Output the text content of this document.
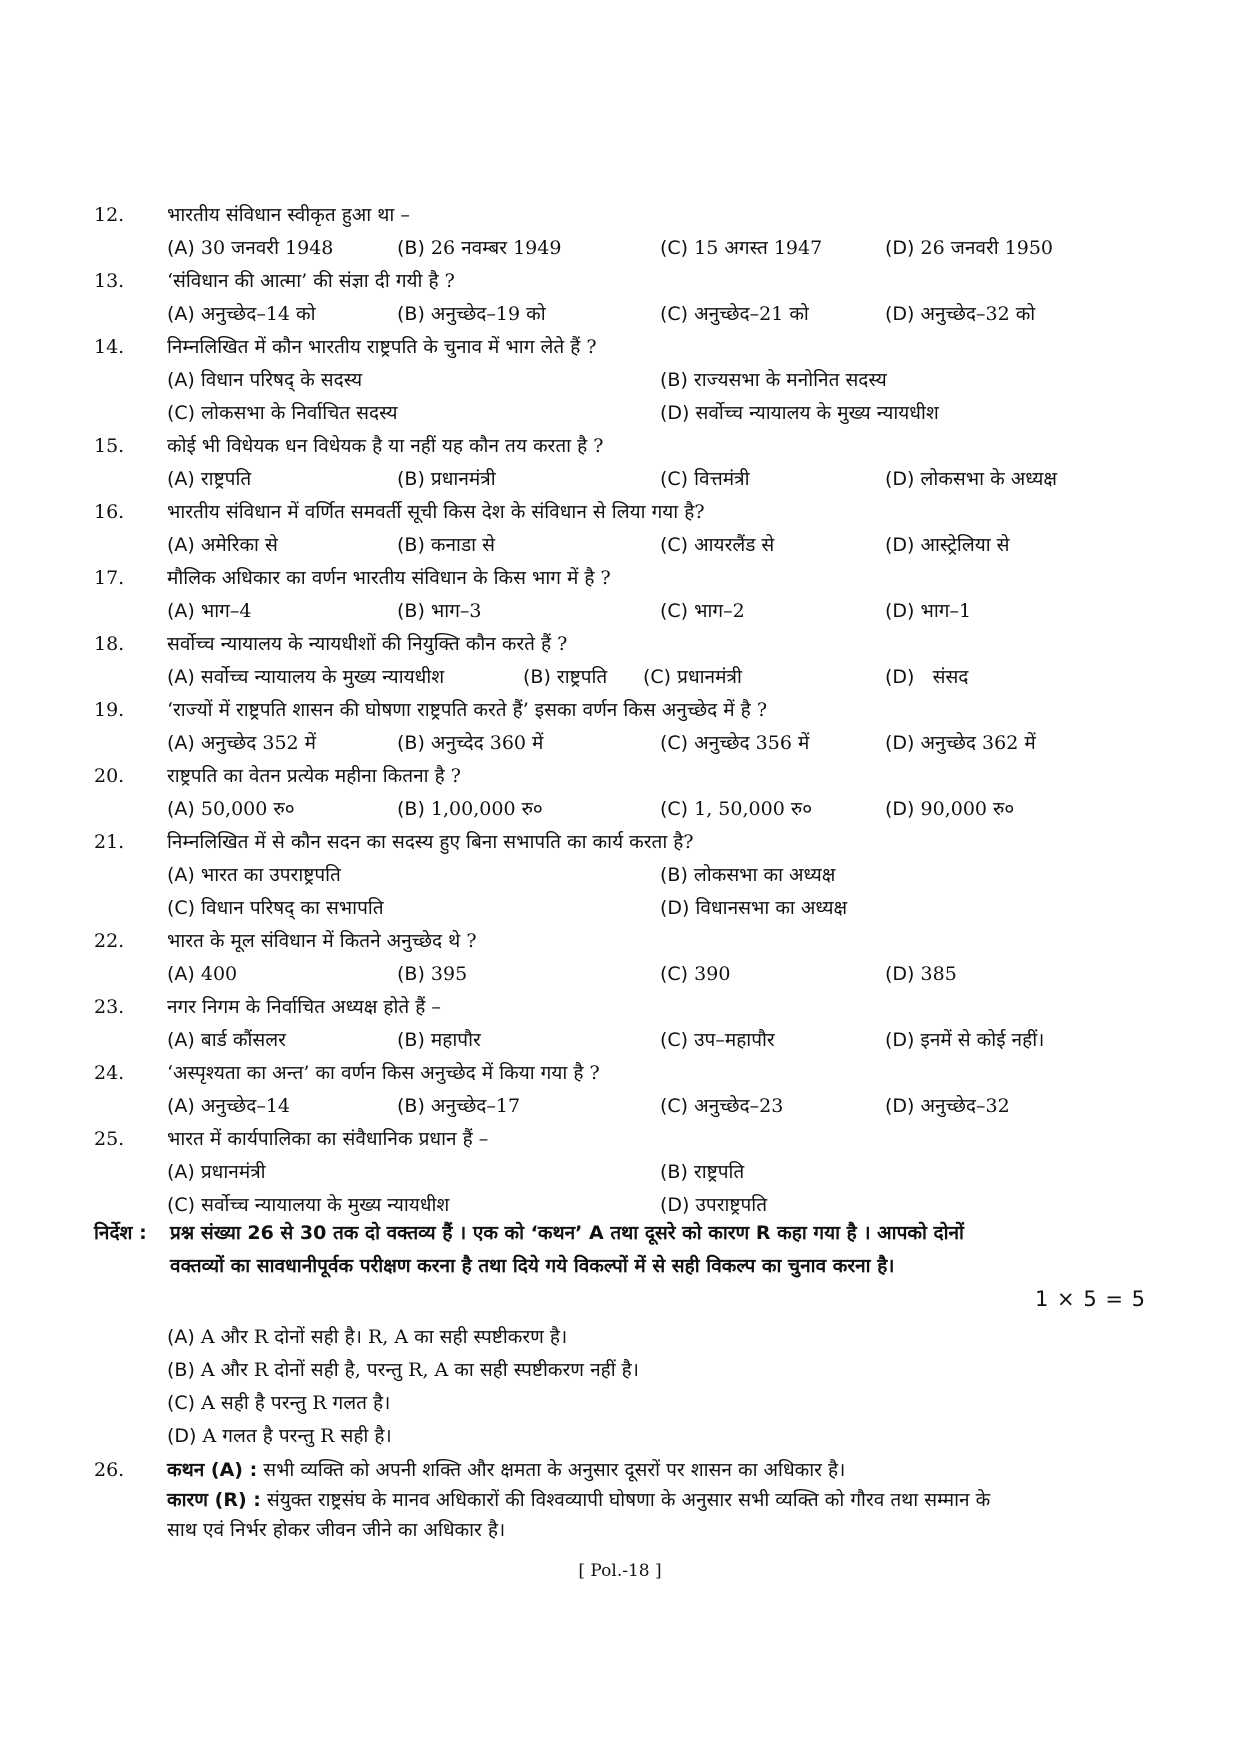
12. भारतीय संविधान स्वीकृत हुआ था –
(A) 30 जनवरी 1948	(B) 26 नवम्बर 1949	(C) 15 अगस्त 1947	(D) 26 जनवरी 1950
13. ‘संविधान की आत्मा’ की संज्ञा दी गयी है ?
(A) अनुच्छेद–14 को	(B) अनुच्छेद–19 को	(C) अनुच्छेद–21 को	(D) अनुच्छेद–32 को
14. निम्नलिखित में कौन भारतीय राष्ट्रपति के चुनाव में भाग लेते हैं ?
(A) विधान परिषद् के सदस्य	(B) राज्यसभा के मनोनित सदस्य
(C) लोकसभा के निर्वाचित सदस्य	(D) सर्वोच्च न्यायालय के मुख्य न्यायधीश
15. कोई भी विधेयक धन विधेयक है या नहीं यह कौन तय करता है ?
(A) राष्ट्रपति	(B) प्रधानमंत्री	(C) वित्तमंत्री	(D) लोकसभा के अध्यक्ष
16. भारतीय संविधान में वर्णित समवर्ती सूची किस देश के संविधान से लिया गया है?
(A) अमेरिका से	(B) कनाडा से	(C) आयरलैंड से	(D) आस्ट्रेलिया से
17. मौलिक अधिकार का वर्णन भारतीय संविधान के किस भाग में है ?
(A) भाग–4	(B) भाग–3	(C) भाग–2	(D) भाग–1
18. सर्वोच्च न्यायालय के न्यायधीशों की नियुक्ति कौन करते हैं ?
(A) सर्वोच्च न्यायालय के मुख्य न्यायधीश	(B) राष्ट्रपति (C) प्रधानमंत्री	(D) संसद
19. ‘राज्यों में राष्ट्रपति शासन की घोषणा राष्ट्रपति करते हैं’ इसका वर्णन किस अनुच्छेद में है ?
(A) अनुच्छेद 352 में	(B) अनुच्देद 360 में	(C) अनुच्छेद 356 में	(D) अनुच्छेद 362 में
20. राष्ट्रपति का वेतन प्रत्येक महीना कितना है ?
(A) 50,000 रु०	(B) 1,00,000 रु०	(C) 1, 50,000 रु०	(D) 90,000 रु०
21. निम्नलिखित में से कौन सदन का सदस्य हुए बिना सभापति का कार्य करता है?
(A) भारत का उपराष्ट्रपति	(B) लोकसभा का अध्यक्ष
(C) विधान परिषद् का सभापति	(D) विधानसभा का अध्यक्ष
22. भारत के मूल संविधान में कितने अनुच्छेद थे ?
(A) 400	(B) 395	(C) 390	(D) 385
23. नगर निगम के निर्वाचित अध्यक्ष होते हैं –
(A) बार्ड कौंसलर	(B) महापौर	(C) उप–महापौर	(D) इनमें से कोई नहीं।
24. ‘अस्पृश्यता का अन्त’ का वर्णन किस अनुच्छेद में किया गया है ?
(A) अनुच्छेद–14	(B) अनुच्छेद–17	(C) अनुच्छेद–23	(D) अनुच्छेद–32
25. भारत में कार्यपालिका का संवैधानिक प्रधान हैं –
(A) प्रधानमंत्री	(B) राष्ट्रपति
(C) सर्वोच्च न्यायालया के मुख्य न्यायधीश	(D) उपराष्ट्रपति
निर्देश : प्रश्न संख्या 26 से 30 तक दो वक्तव्य हैं । एक को ‘कथन’ A तथा दूसरे को कारण R कहा गया है । आपको दोनों
वक्तव्यों का सावधानीपूर्वक परीक्षण करना है तथा दिये गये विकल्पों में से सही विकल्प का चुनाव करना है।
1 × 5 = 5
(A) A और R दोनों सही है। R, A का सही स्पष्टीकरण है।
(B) A और R दोनों सही है, परन्तु R, A का सही स्पष्टीकरण नहीं है।
(C) A सही है परन्तु R गलत है।
(D) A गलत है परन्तु R सही है।
26. कथन (A) : सभी व्यक्ति को अपनी शक्ति और क्षमता के अनुसार दूसरों पर शासन का अधिकार है।
कारण (R) : संयुक्त राष्ट्रसंघ के मानव अधिकारों की विश्वव्यापी घोषणा के अनुसार सभी व्यक्ति को गौरव तथा सम्मान के
साथ एवं निर्भर होकर जीवन जीने का अधिकार है।
[ Pol.-18 ]
